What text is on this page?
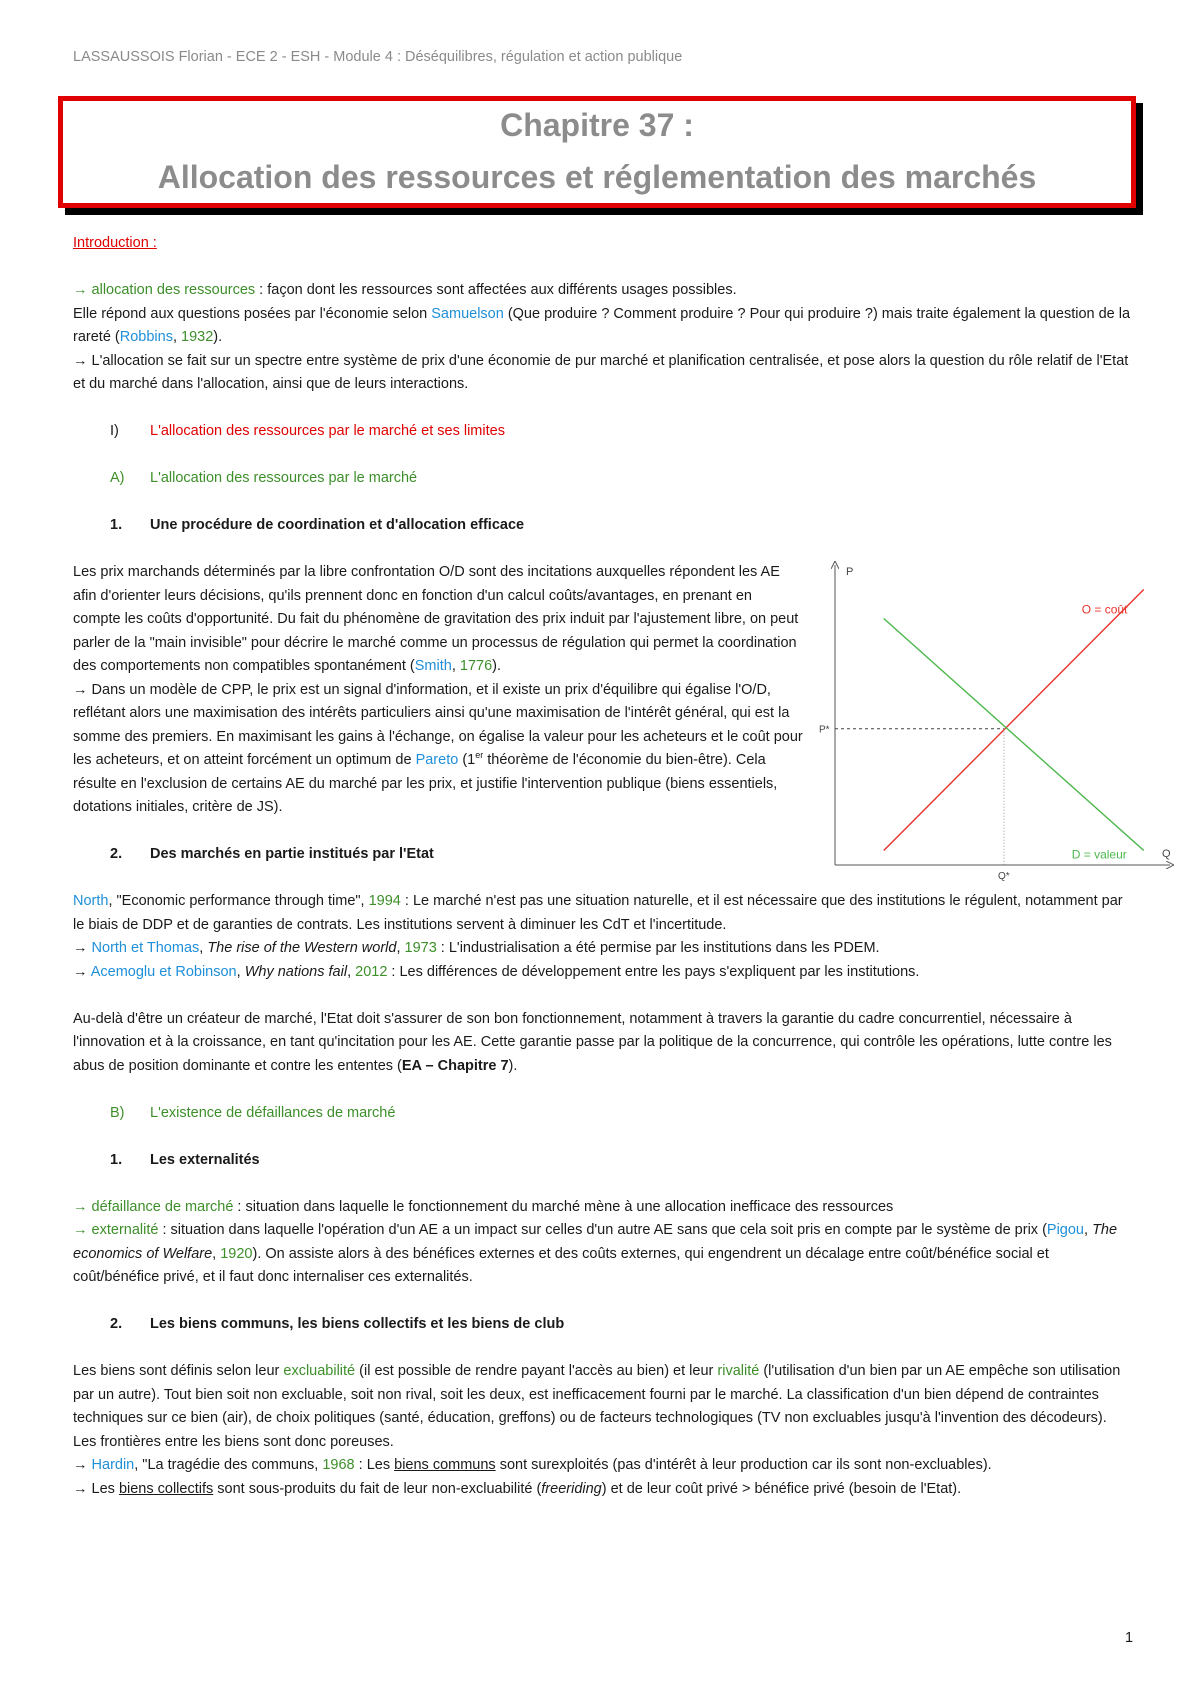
LASSAUSSOIS Florian - ECE 2 - ESH - Module 4 : Déséquilibres, régulation et action publique
Chapitre 37 :
Allocation des ressources et réglementation des marchés

Introduction :

→ allocation des ressources : façon dont les ressources sont affectées aux différents usages possibles.

Elle répond aux questions posées par l'économie selon Samuelson (Que produire ? Comment produire ? Pour qui produire ?) mais traite également la question de la rareté (Robbins, 1932).

→ L'allocation se fait sur un spectre entre système de prix d'une économie de pur marché et planification centralisée, et pose alors la question du rôle relatif de l'Etat et du marché dans l'allocation, ainsi que de leurs interactions.

I)	L'allocation des ressources par le marché et ses limites

A)	L'allocation des ressources par le marché

1.	Une procédure de coordination et d'allocation efficace

Les prix marchands déterminés par la libre confrontation O/D sont des incitations auxquelles répondent les AE afin d'orienter leurs décisions, qu'ils prennent donc en fonction d'un calcul coûts/avantages, en prenant en compte les coûts d'opportunité. Du fait du phénomène de gravitation des prix induit par l'ajustement libre, on peut parler de la "main invisible" pour décrire le marché comme un processus de régulation qui permet la coordination des comportements non compatibles spontanément (Smith, 1776).

→ Dans un modèle de CPP, le prix est un signal d'information, et il existe un prix d'équilibre qui égalise l'O/D, reflétant alors une maximisation des intérêts particuliers ainsi qu'une maximisation de l'intérêt général, qui est la somme des premiers. En maximisant les gains à l'échange, on égalise la valeur pour les acheteurs et le coût pour les acheteurs, et on atteint forcément un optimum de Pareto (1er théorème de l'économie du bien-être). Cela résulte en l'exclusion de certains AE du marché par les prix, et justifie l'intervention publique (biens essentiels, dotations initiales, critère de JS).

2.	Des marchés en partie institués par l'Etat

North, "Economic performance through time", 1994 : Le marché n'est pas une situation naturelle, et il est nécessaire que des institutions le régulent, notamment par le biais de DDP et de garanties de contrats. Les institutions servent à diminuer les CdT et l'incertitude.

→ North et Thomas, The rise of the Western world, 1973 : L'industrialisation a été permise par les institutions dans les PDEM.

→ Acemoglu et Robinson, Why nations fail, 2012 : Les différences de développement entre les pays s'expliquent par les institutions.

Au-delà d'être un créateur de marché, l'Etat doit s'assurer de son bon fonctionnement, notamment à travers la garantie du cadre concurrentiel, nécessaire à l'innovation et à la croissance, en tant qu'incitation pour les AE. Cette garantie passe par la politique de la concurrence, qui contrôle les opérations, lutte contre les abus de position dominante et contre les ententes (EA – Chapitre 7).

B)	L'existence de défaillances de marché

1.	Les externalités

→ défaillance de marché : situation dans laquelle le fonctionnement du marché mène à une allocation inefficace des ressources

→ externalité : situation dans laquelle l'opération d'un AE a un impact sur celles d'un autre AE sans que cela soit pris en compte par le système de prix (Pigou, The economics of Welfare, 1920). On assiste alors à des bénéfices externes et des coûts externes, qui engendrent un décalage entre coût/bénéfice social et coût/bénéfice privé, et il faut donc internaliser ces externalités.

2.	Les biens communs, les biens collectifs et les biens de club

Les biens sont définis selon leur excluabilité (il est possible de rendre payant l'accès au bien) et leur rivalité (l'utilisation d'un bien par un AE empêche son utilisation par un autre). Tout bien soit non excluable, soit non rival, soit les deux, est inefficacement fourni par le marché. La classification d'un bien dépend de contraintes techniques sur ce bien (air), de choix politiques (santé, éducation, greffons) ou de facteurs technologiques (TV non excluables jusqu'à l'invention des décodeurs). Les frontières entre les biens sont donc poreuses.

→ Hardin, "La tragédie des communs, 1968 : Les biens communs sont surexploités (pas d'intérêt à leur production car ils sont non-excluables).

→ Les biens collectifs sont sous-produits du fait de leur non-excluabilité (freeriding) et de leur coût privé > bénéfice privé (besoin de l'Etat).

P
Q
P*
Q*
O = coût
D = valeur
1
